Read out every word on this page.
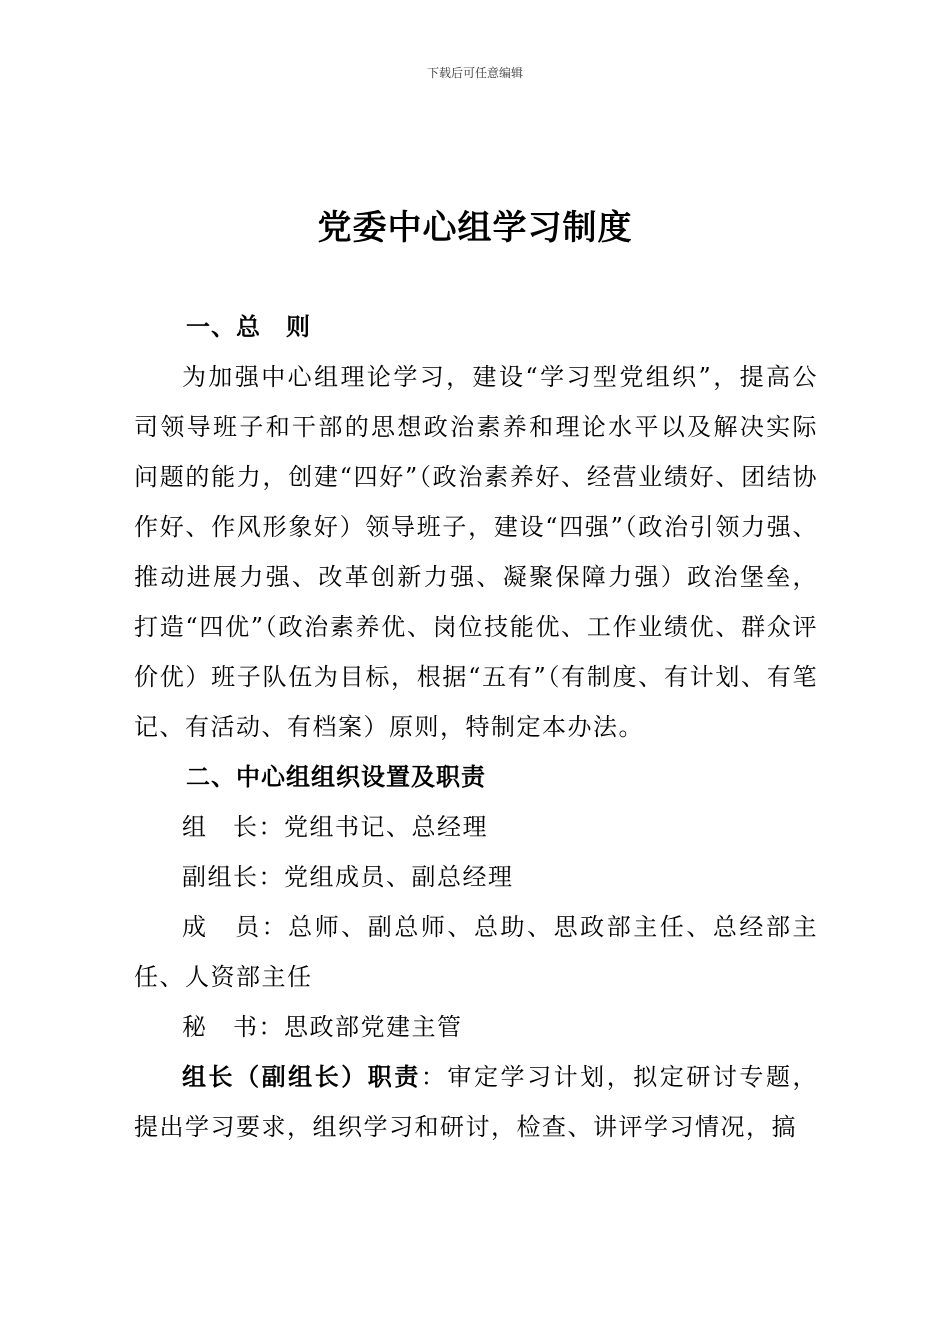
下载后可任意编辑
党委中心组学习制度

一、总　则

为加强中心组理论学习，建设“学习型党组织”，提高公司领导班子和干部的思想政治素养和理论水平以及解决实际问题的能力，创建“四好”（政治素养好、经营业绩好、团结协作好、作风形象好）领导班子，建设“四强”（政治引领力强、推动进展力强、改革创新力强、凝聚保障力强）政治堡垒，打造“四优”（政治素养优、岗位技能优、工作业绩优、群众评价优）班子队伍为目标，根据“五有”（有制度、有计划、有笔记、有活动、有档案）原则，特制定本办法。

二、中心组组织设置及职责

组　长：党组书记、总经理

副组长：党组成员、副总经理

成　员：总师、副总师、总助、思政部主任、总经部主任、人资部主任

秘　书：思政部党建主管

组长（副组长）职责：审定学习计划，拟定研讨专题，提出学习要求，组织学习和研讨，检查、讲评学习情况，搞
